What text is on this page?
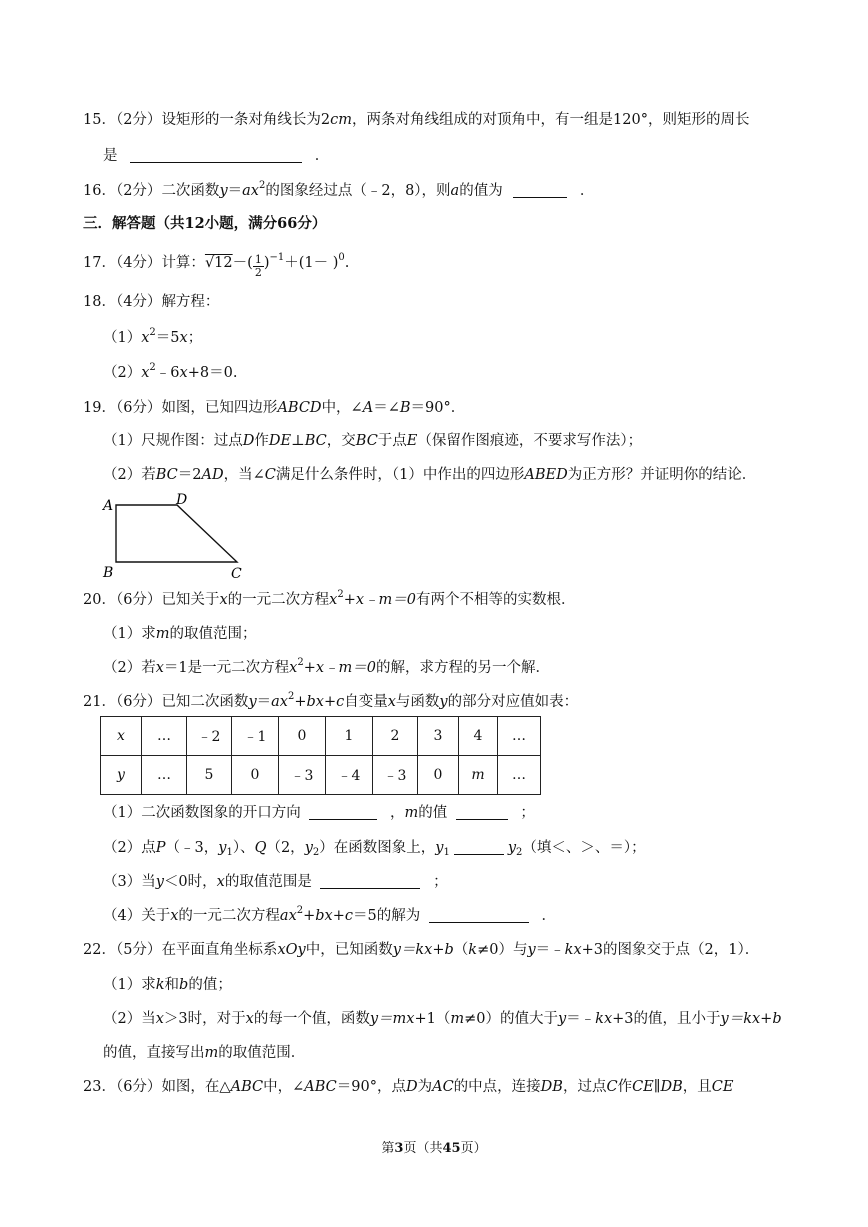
15．（2分）设矩形的一条对角线长为2cm，两条对角线组成的对顶角中，有一组是120°，则矩形的周长
是	．
16．（2分）二次函数$y=ax^2$的图象经过点（﹣2，8），则a的值为	．
三．解答题（共12小题，满分66分）
17．（4分）计算：$√12-( \frac{1}{2} )^{-1}+(1- )^0$.
18．（4分）解方程：
$(1)x^2=5x$；
$(2)x^2﹣6x+8=0$.
19．（6分）如图，已知四边形ABCD中，∠A＝∠B＝90°．
（1）尺规作图：过点D作DE⊥BC，交BC于点E（保留作图痕迹，不要求写作法）；
（2）若BC＝2AD，当∠C满足什么条件时，（1）中作出的四边形ABED为正方形？并证明你的结论．
A	D
B	C
20．（6分）已知关于x的一元二次方程$x^2+x﹣m=0$有两个不相等的实数根．
（1）求m的取值范围；
（2）若x＝1是一元二次方程$x^2+x﹣m=0$的解，求方程的另一个解．
21．（6分）已知二次函数$y=ax^2+bx+c$自变量x与函数y的部分对应值如表：
x	…	﹣2	﹣1	0	1	2	3	4	…
y	…	5	0	﹣3	﹣4	﹣3	0	m	…
（1）二次函数图象的开口方向	，m的值	；
（2）点P（﹣3，$y_1$）、Q（2，$y_2$）在函数图象上，$y_1$	$y_2$（填＜、＞、＝）；
（3）当y＜0时，x的取值范围是	；
（4）关于x的一元二次方程$ax^2+bx+c=5$的解为	．
22．（5分）在平面直角坐标系xOy中，已知函数y＝kx+b（k≠0）与y＝﹣kx+3的图象交于点（2，1）．
（1）求k和b的值；
（2）当x＞3时，对于x的每一个值，函数y＝mx+1（m≠0）的值大于y＝﹣kx+3的值，且小于y＝kx+b
的值，直接写出m的取值范围．
23．（6分）如图，在△ABC中，∠ABC＝90°，点D为AC的中点，连接DB，过点C作CE∥DB，且CE
第3页（共45页）
